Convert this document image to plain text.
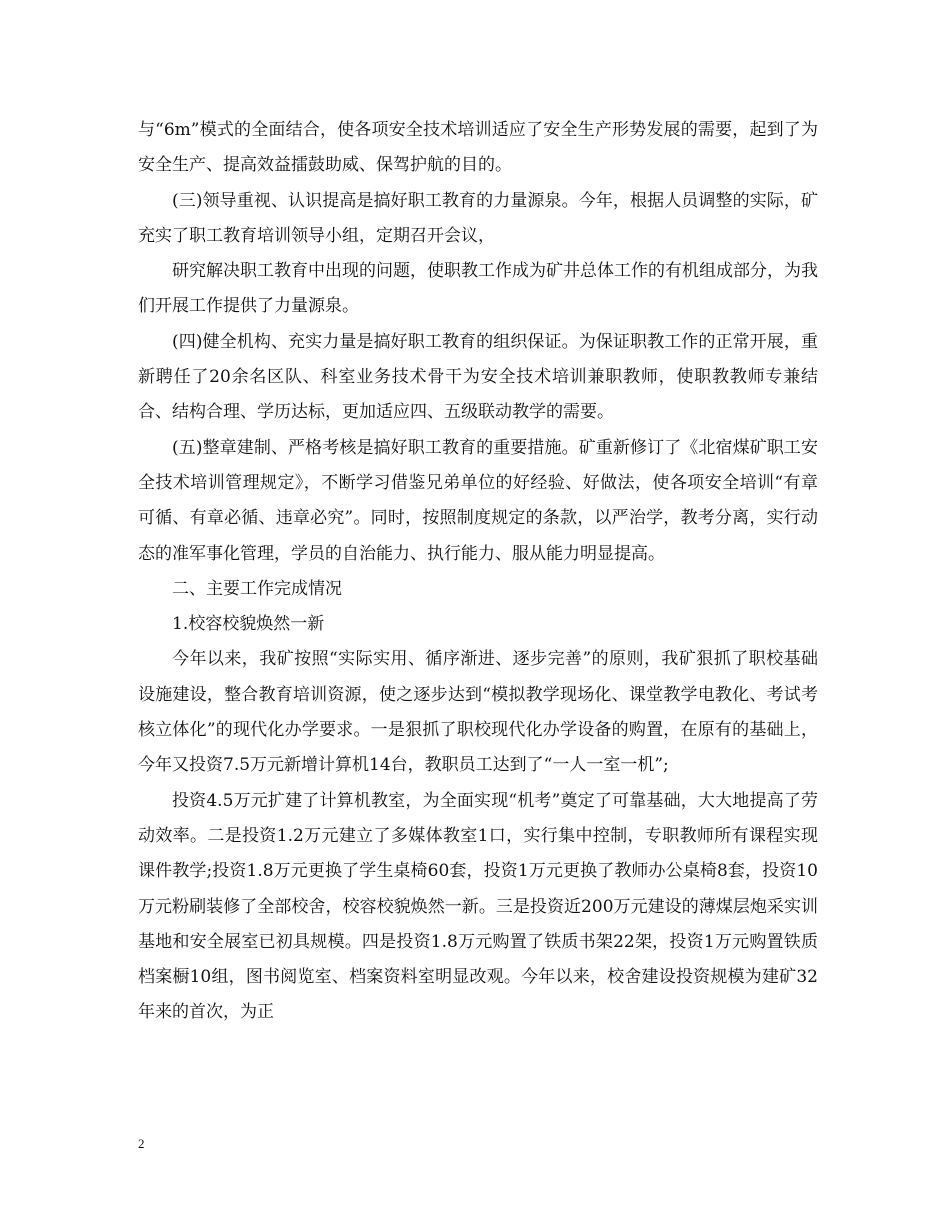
与“6m”模式的全面结合，使各项安全技术培训适应了安全生产形势发展的需要，起到了为安全生产、提高效益擂鼓助威、保驾护航的目的。

(三)领导重视、认识提高是搞好职工教育的力量源泉。今年，根据人员调整的实际，矿充实了职工教育培训领导小组，定期召开会议，

研究解决职工教育中出现的问题，使职教工作成为矿井总体工作的有机组成部分，为我们开展工作提供了力量源泉。

(四)健全机构、充实力量是搞好职工教育的组织保证。为保证职教工作的正常开展，重新聘任了20余名区队、科室业务技术骨干为安全技术培训兼职教师，使职教教师专兼结合、结构合理、学历达标，更加适应四、五级联动教学的需要。

(五)整章建制、严格考核是搞好职工教育的重要措施。矿重新修订了《北宿煤矿职工安全技术培训管理规定》，不断学习借鉴兄弟单位的好经验、好做法，使各项安全培训“有章可循、有章必循、违章必究”。同时，按照制度规定的条款，以严治学，教考分离，实行动态的准军事化管理，学员的自治能力、执行能力、服从能力明显提高。

二、主要工作完成情况

1.校容校貌焕然一新

今年以来，我矿按照“实际实用、循序渐进、逐步完善”的原则，我矿狠抓了职校基础设施建设，整合教育培训资源，使之逐步达到“模拟教学现场化、课堂教学电教化、考试考核立体化”的现代化办学要求。一是狠抓了职校现代化办学设备的购置，在原有的基础上，今年又投资7.5万元新增计算机14台，教职员工达到了“一人一室一机”;

投资4.5万元扩建了计算机教室，为全面实现“机考”奠定了可靠基础，大大地提高了劳动效率。二是投资1.2万元建立了多媒体教室1口，实行集中控制，专职教师所有课程实现课件教学;投资1.8万元更换了学生桌椅60套，投资1万元更换了教师办公桌椅8套，投资10万元粉刷装修了全部校舍，校容校貌焕然一新。三是投资近200万元建设的薄煤层炮采实训基地和安全展室已初具规模。四是投资1.8万元购置了铁质书架22架，投资1万元购置铁质档案橱10组，图书阅览室、档案资料室明显改观。今年以来，校舍建设投资规模为建矿32年来的首次，为正

2
